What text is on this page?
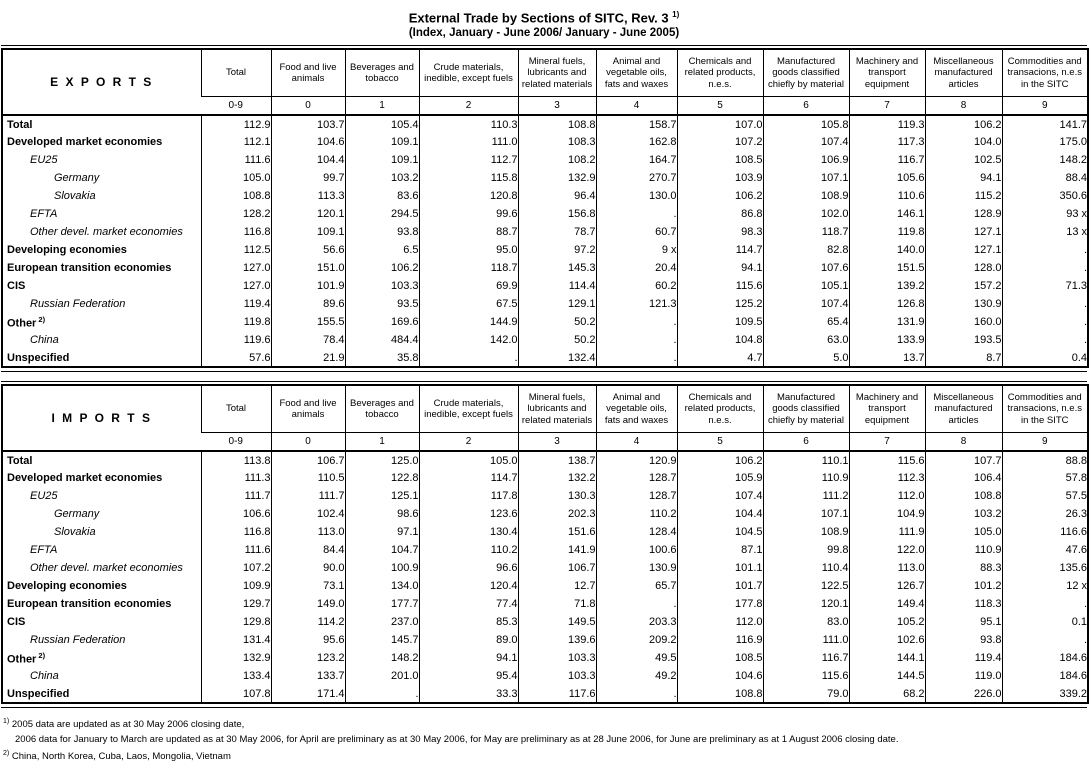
External Trade by Sections of SITC, Rev. 3 $^{1)}$
(Index, January - June 2006/ January - June 2005)
E X P O R T S	Total	Food and live animals	Beverages and tobacco	Crude materials, inedible, except fuels	Mineral fuels, lubricants and related materials	Animal and vegetable oils, fats and waxes	Chemicals and related products, n.e.s.	Manufactured goods classified chiefly by material	Machinery and transport equipment	Miscellaneous manufactured articles	Commodities and transacions, n.e.s in the SITC
	0-9	0	1	2	3	4	5	6	7	8	9
Total	112.9	103.7	105.4	110.3	108.8	158.7	107.0	105.8	119.3	106.2	141.7
Developed market economies	112.1	104.6	109.1	111.0	108.3	162.8	107.2	107.4	117.3	104.0	175.0
EU25	111.6	104.4	109.1	112.7	108.2	164.7	108.5	106.9	116.7	102.5	148.2
Germany	105.0	99.7	103.2	115.8	132.9	270.7	103.9	107.1	105.6	94.1	88.4
Slovakia	108.8	113.3	83.6	120.8	96.4	130.0	106.2	108.9	110.6	115.2	350.6
EFTA	128.2	120.1	294.5	99.6	156.8	.	86.8	102.0	146.1	128.9	93 x
Other devel. market economies	116.8	109.1	93.8	88.7	78.7	60.7	98.3	118.7	119.8	127.1	13 x
Developing economies	112.5	56.6	6.5	95.0	97.2	9 x	114.7	82.8	140.0	127.1	.
European transition economies	127.0	151.0	106.2	118.7	145.3	20.4	94.1	107.6	151.5	128.0	.
CIS	127.0	101.9	103.3	69.9	114.4	60.2	115.6	105.1	139.2	157.2	71.3
Russian Federation	119.4	89.6	93.5	67.5	129.1	121.3	125.2	107.4	126.8	130.9	.
Other $^{2)}$	119.8	155.5	169.6	144.9	50.2	.	109.5	65.4	131.9	160.0	.
China	119.6	78.4	484.4	142.0	50.2	.	104.8	63.0	133.9	193.5	.
Unspecified	57.6	21.9	35.8	.	132.4	.	4.7	5.0	13.7	8.7	0.4
I M P O R T S	Total	Food and live animals	Beverages and tobacco	Crude materials, inedible, except fuels	Mineral fuels, lubricants and related materials	Animal and vegetable oils, fats and waxes	Chemicals and related products, n.e.s.	Manufactured goods classified chiefly by material	Machinery and transport equipment	Miscellaneous manufactured articles	Commodities and transacions, n.e.s in the SITC
	0-9	0	1	2	3	4	5	6	7	8	9
Total	113.8	106.7	125.0	105.0	138.7	120.9	106.2	110.1	115.6	107.7	88.8
Developed market economies	111.3	110.5	122.8	114.7	132.2	128.7	105.9	110.9	112.3	106.4	57.8
EU25	111.7	111.7	125.1	117.8	130.3	128.7	107.4	111.2	112.0	108.8	57.5
Germany	106.6	102.4	98.6	123.6	202.3	110.2	104.4	107.1	104.9	103.2	26.3
Slovakia	116.8	113.0	97.1	130.4	151.6	128.4	104.5	108.9	111.9	105.0	116.6
EFTA	111.6	84.4	104.7	110.2	141.9	100.6	87.1	99.8	122.0	110.9	47.6
Other devel. market economies	107.2	90.0	100.9	96.6	106.7	130.9	101.1	110.4	113.0	88.3	135.6
Developing economies	109.9	73.1	134.0	120.4	12.7	65.7	101.7	122.5	126.7	101.2	12 x
European transition economies	129.7	149.0	177.7	77.4	71.8	.	177.8	120.1	149.4	118.3	.
CIS	129.8	114.2	237.0	85.3	149.5	203.3	112.0	83.0	105.2	95.1	0.1
Russian Federation	131.4	95.6	145.7	89.0	139.6	209.2	116.9	111.0	102.6	93.8	.
Other $^{2)}$	132.9	123.2	148.2	94.1	103.3	49.5	108.5	116.7	144.1	119.4	184.6
China	133.4	133.7	201.0	95.4	103.3	49.2	104.6	115.6	144.5	119.0	184.6
Unspecified	107.8	171.4	.	33.3	117.6	.	108.8	79.0	68.2	226.0	339.2
$^{1)}$ 2005 data are updated as at 30 May 2006 closing date,
2006 data for January to March are updated as at 30 May 2006, for April are preliminary as at 30 May 2006, for May are preliminary as at 28 June 2006, for June are preliminary as at 1 August 2006 closing date.
$^{2)}$ China, North Korea, Cuba, Laos, Mongolia, Vietnam
